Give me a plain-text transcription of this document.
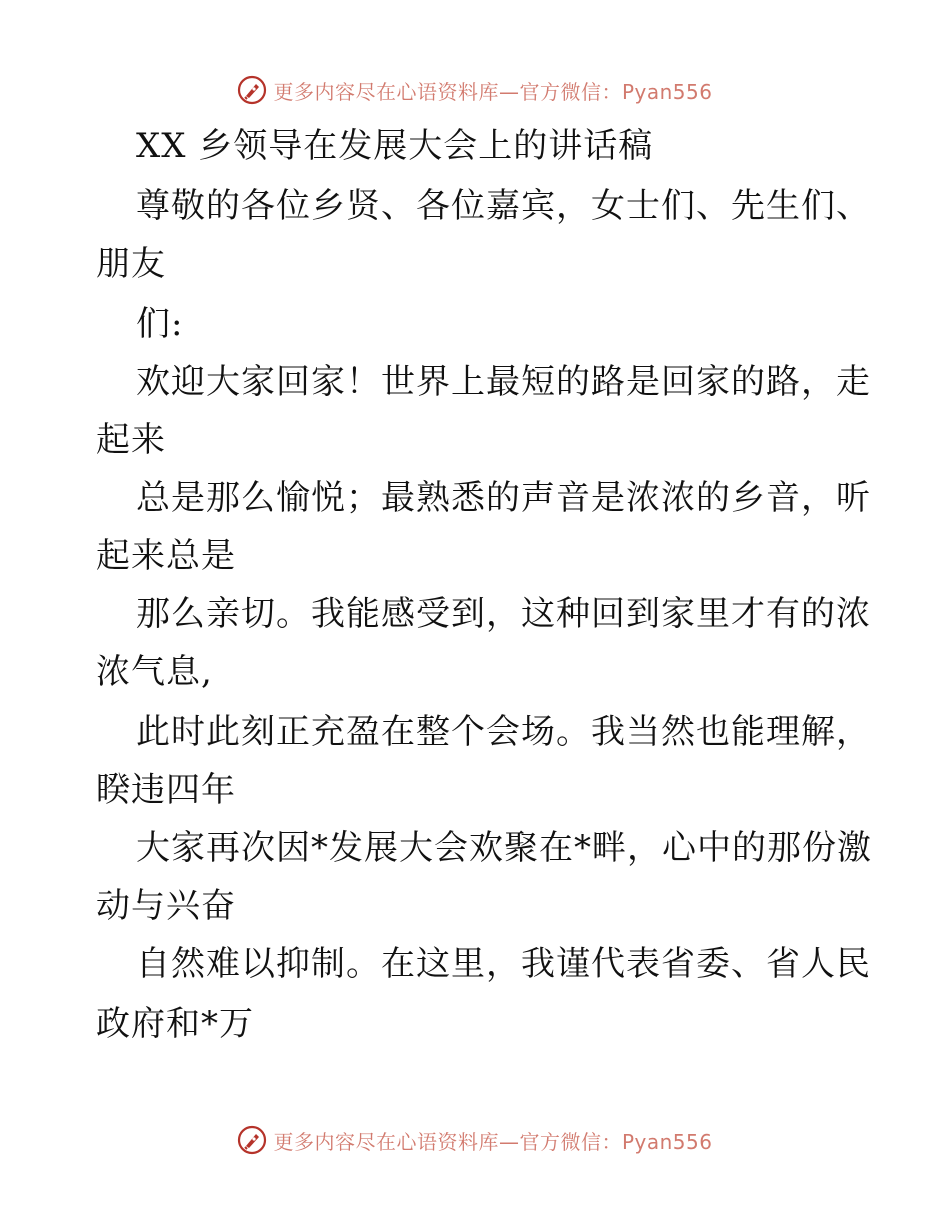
更多内容尽在心语资料库—官方微信：Pyan556
XX 乡领导在发展大会上的讲话稿
尊敬的各位乡贤、各位嘉宾，女士们、先生们、
朋友
们:
欢迎大家回家！世界上最短的路是回家的路，走
起来
总是那么愉悦；最熟悉的声音是浓浓的乡音，听
起来总是
那么亲切。我能感受到，这种回到家里才有的浓
浓气息,
此时此刻正充盈在整个会场。我当然也能理解，
睽违四年
大家再次因*发展大会欢聚在*畔，心中的那份激
动与兴奋
自然难以抑制。在这里，我谨代表省委、省人民
政府和*万
更多内容尽在心语资料库—官方微信：Pyan556
